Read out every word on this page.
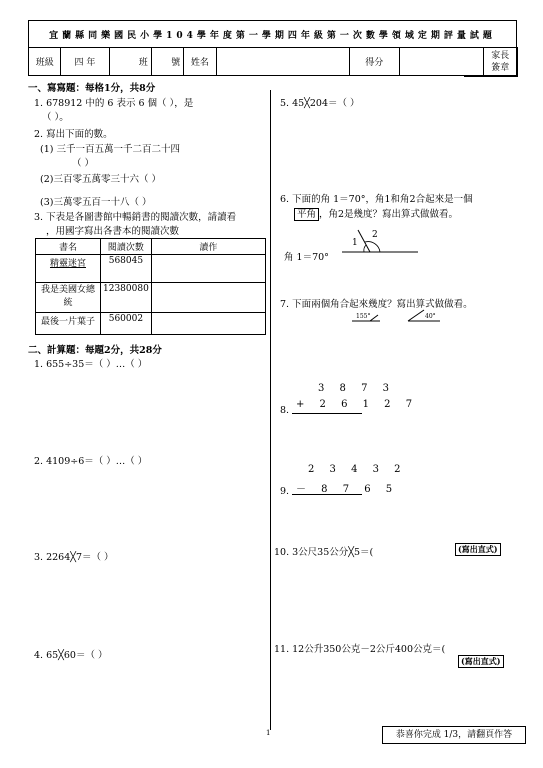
宜蘭縣同樂國民小學104學年度第一學期四年級第一次數學領域定期評量試題
班級	四 年	班	號	姓名		得分		家長
簽章
一、寫寫題：每格1分，共8分
1. 678912 中的 6 表示 6 個（ ），是
（ ）。
2. 寫出下面的數。
(1) 三千一百五萬一千二百二十四
（ ）
(2)三百零五萬零三十六（ ）
(3)三萬零五百一十八（ ）
3. 下表是各圖書館中暢銷書的閱讀次數，請讀看
，用國字寫出各書本的閱讀次數
書名	閱讀次數	讀作
精靈迷宮	568045	
我是美國女總
統	12380080	
最後一片葉子	560002	
二、計算題：每題2分，共28分
1. 655÷35＝（ ）…（ ）
2. 4109÷6＝（ ）…（ ）
3. 2264╳7＝（ ）
4. 65╳60＝（ ）
5. 45╳204＝（ ）
6. 下面的角 1＝70°，角1和角2合起來是一個
平角 ，角2是幾度？寫出算式做做看。
1
2
角 1＝70°
7. 下面兩個角合起來幾度？寫出算式做做看。
155°	40°
3 8 7 3
+ 2 6 1 2 7
8.
2 3 4 3 2
－ 8 7 6 5
9.
10. 3公尺35公分╳5＝(	(寫出直式)
11. 12公升350公克－2公斤400公克＝(
(寫出直式)
1	恭喜你完成 1/3，請翻頁作答
